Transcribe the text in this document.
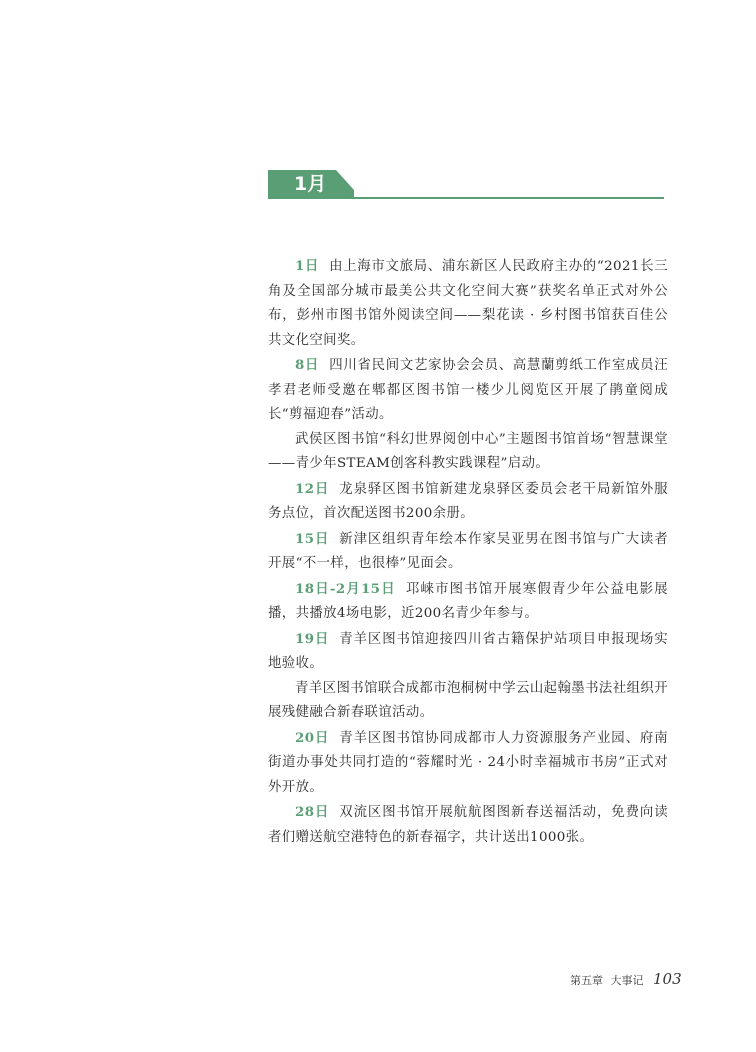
1月

1日 由上海市文旅局、浦东新区人民政府主办的“2021长三角及全国部分城市最美公共文化空间大赛”获奖名单正式对外公布，彭州市图书馆外阅读空间——梨花读 · 乡村图书馆获百佳公共文化空间奖。

8日 四川省民间文艺家协会会员、高慧蘭剪纸工作室成员汪孝君老师受邀在郫都区图书馆一楼少儿阅览区开展了鹃童阅成长“剪福迎春”活动。

武侯区图书馆“科幻世界阅创中心”主题图书馆首场“智慧课堂——青少年STEAM创客科教实践课程”启动。

12日 龙泉驿区图书馆新建龙泉驿区委员会老干局新馆外服务点位，首次配送图书200余册。

15日 新津区组织青年绘本作家吴亚男在图书馆与广大读者开展“不一样，也很棒”见面会。

18日-2月15日 邛崃市图书馆开展寒假青少年公益电影展播，共播放4场电影，近200名青少年参与。

19日 青羊区图书馆迎接四川省古籍保护站项目申报现场实地验收。

青羊区图书馆联合成都市泡桐树中学云山起翰墨书法社组织开展残健融合新春联谊活动。

20日 青羊区图书馆协同成都市人力资源服务产业园、府南街道办事处共同打造的“蓉耀时光 · 24小时幸福城市书房”正式对外开放。

28日 双流区图书馆开展航航图图新春送福活动，免费向读者们赠送航空港特色的新春福字，共计送出1000张。

第五章 大事记 103
